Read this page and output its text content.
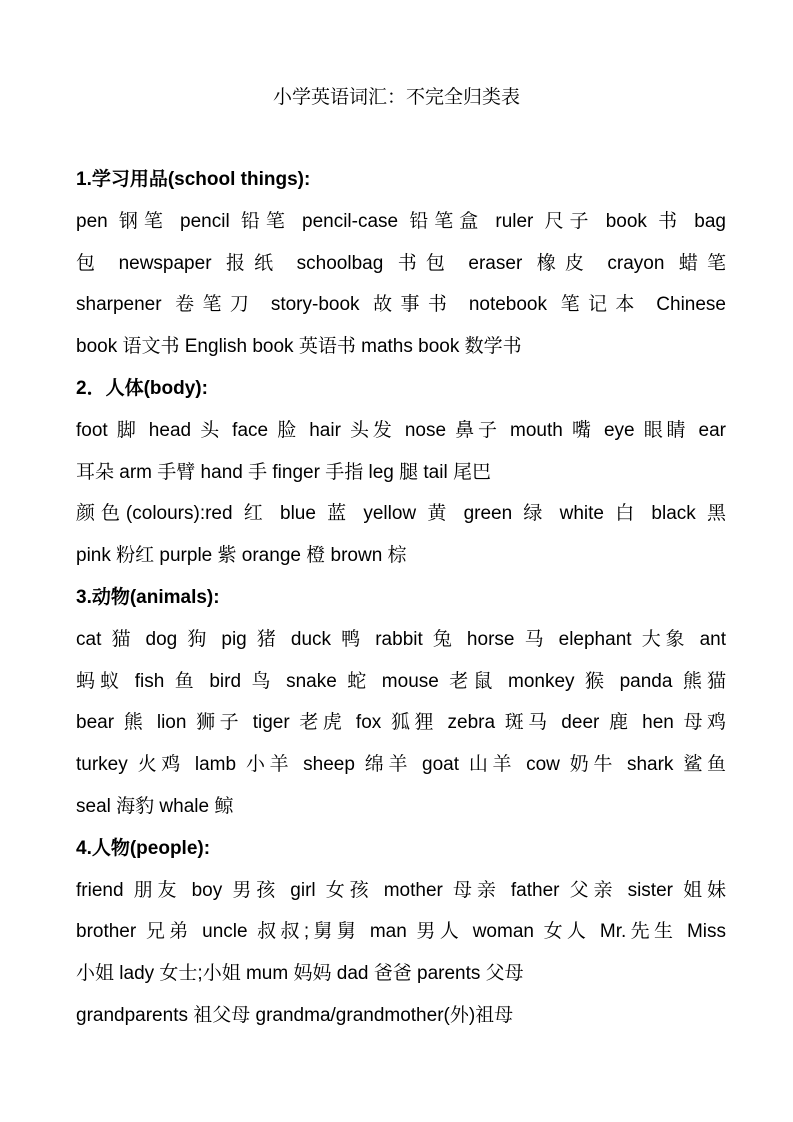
小学英语词汇：不完全归类表
1.学习用品(school things):
pen 钢笔 pencil 铅笔 pencil-case 铅笔盒 ruler 尺子 book 书 bag
包 newspaper 报纸 schoolbag 书包 eraser 橡皮 crayon 蜡笔
sharpener 卷笔刀 story-book 故事书 notebook 笔记本 Chinese
book 语文书 English book 英语书 maths book 数学书
2．人体(body):
foot 脚 head 头 face 脸 hair 头发 nose 鼻子 mouth 嘴 eye 眼睛 ear
耳朵 arm 手臂 hand 手 finger 手指 leg 腿 tail 尾巴
颜色(colours):red 红 blue 蓝 yellow 黄 green 绿 white 白 black 黑
pink 粉红 purple 紫 orange 橙 brown 棕
3.动物(animals):
cat 猫 dog 狗 pig 猪 duck 鸭 rabbit 兔 horse 马 elephant 大象 ant
蚂蚁 fish 鱼 bird 鸟 snake 蛇 mouse 老鼠 monkey 猴 panda 熊猫
bear 熊 lion 狮子 tiger 老虎 fox 狐狸 zebra 斑马 deer 鹿 hen 母鸡
turkey 火鸡 lamb 小羊 sheep 绵羊 goat 山羊 cow 奶牛 shark 鲨鱼
seal 海豹 whale 鲸
4.人物(people):
friend 朋友 boy 男孩 girl 女孩 mother 母亲 father 父亲 sister 姐妹
brother 兄弟 uncle 叔叔;舅舅 man 男人 woman 女人 Mr.先生 Miss
小姐 lady 女士;小姐 mum 妈妈 dad 爸爸 parents 父母
grandparents 祖父母 grandma/grandmother(外)祖母
